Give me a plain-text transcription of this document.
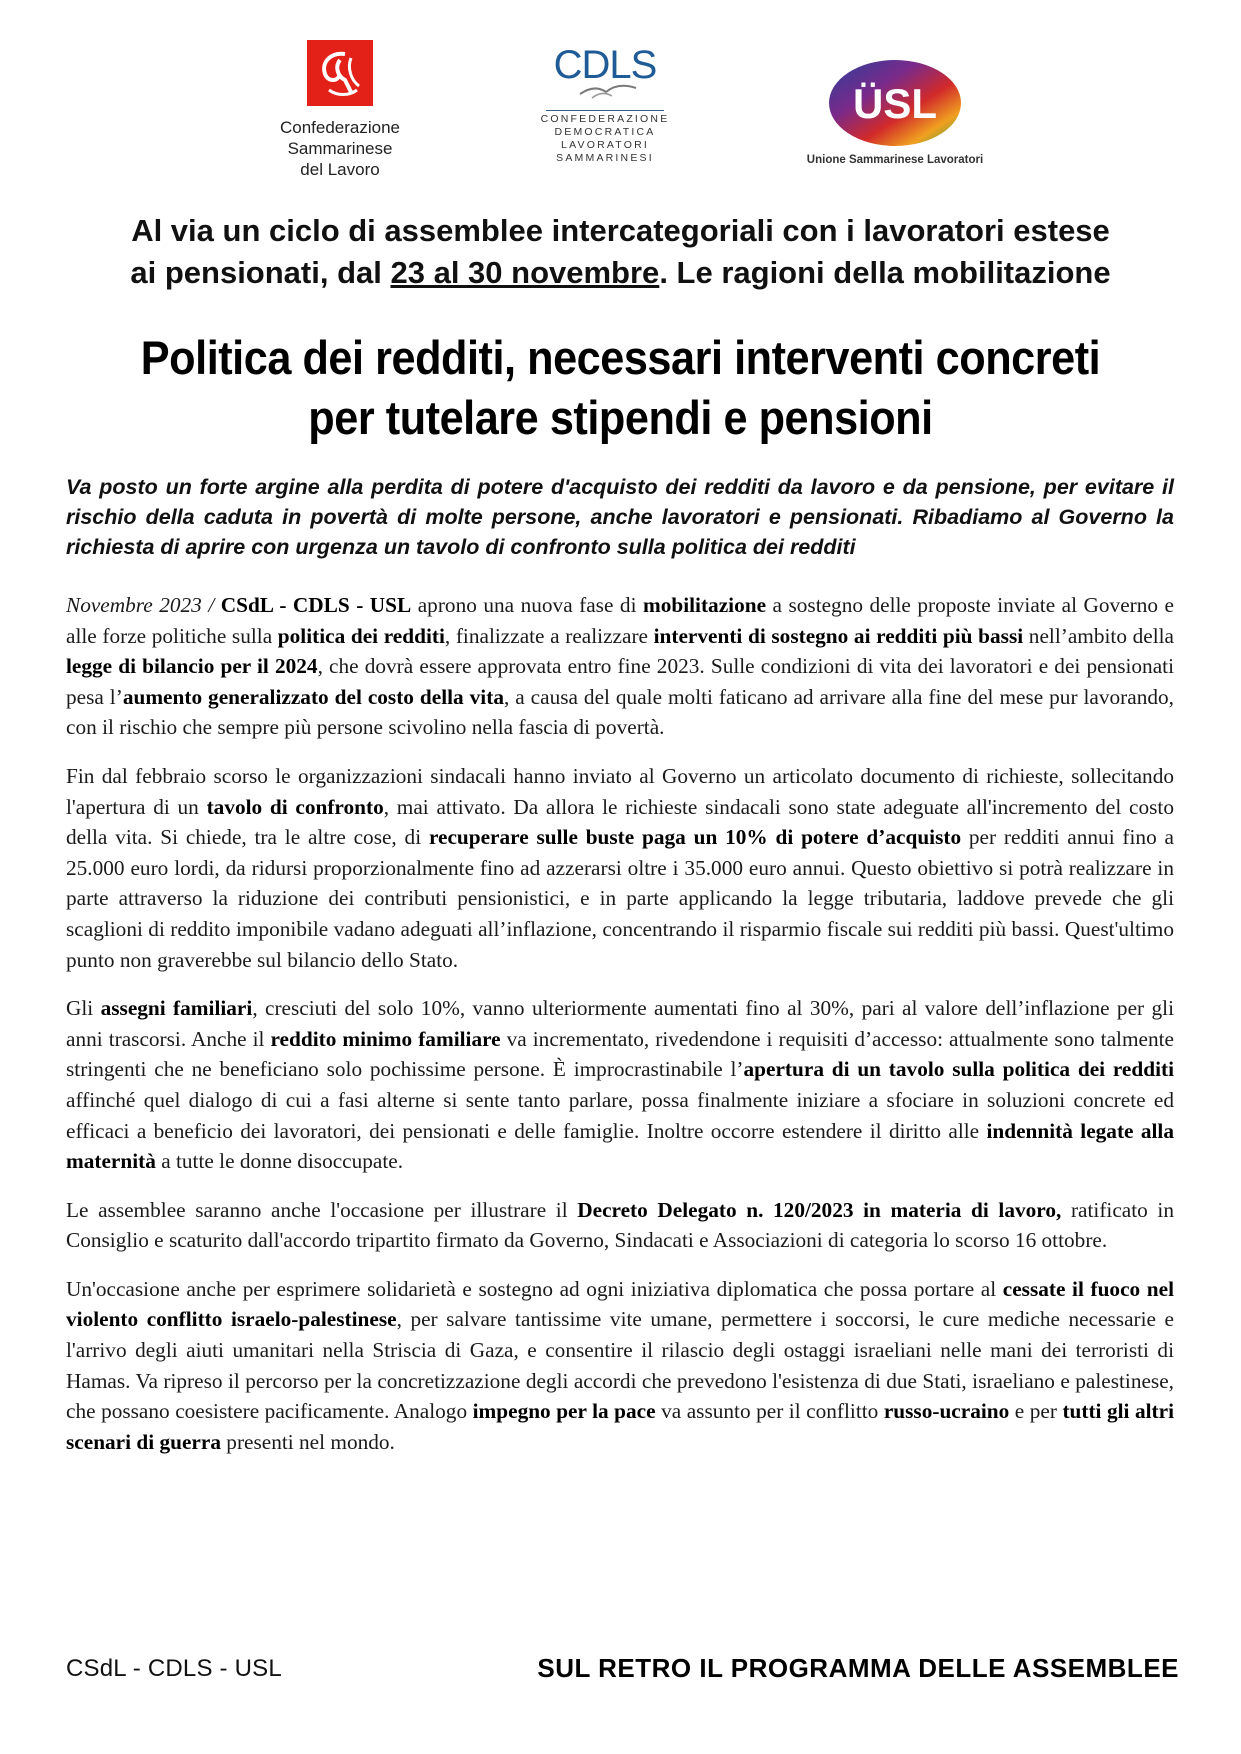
Confederazione
Sammarinese
del Lavoro
CDLS
CONFEDERAZIONE
DEMOCRATICA
LAVORATORI
SAMMARINESI
ÜSL
Unione Sammarinese Lavoratori
Al via un ciclo di assemblee intercategoriali con i lavoratori estese
ai pensionati, dal 23 al 30 novembre. Le ragioni della mobilitazione
Politica dei redditi, necessari interventi concreti
per tutelare stipendi e pensioni
Va posto un forte argine alla perdita di potere d'acquisto dei redditi da lavoro e da pensione, per evitare il rischio della caduta in povertà di molte persone, anche lavoratori e pensionati. Ribadiamo al Governo la richiesta di aprire con urgenza un tavolo di confronto sulla politica dei redditi

Novembre 2023 / CSdL - CDLS - USL aprono una nuova fase di mobilitazione a sostegno delle proposte inviate al Governo e alle forze politiche sulla politica dei redditi, finalizzate a realizzare interventi di sostegno ai redditi più bassi nell’ambito della legge di bilancio per il 2024, che dovrà essere approvata entro fine 2023. Sulle condizioni di vita dei lavoratori e dei pensionati pesa l’aumento generalizzato del costo della vita, a causa del quale molti faticano ad arrivare alla fine del mese pur lavorando, con il rischio che sempre più persone scivolino nella fascia di povertà.

Fin dal febbraio scorso le organizzazioni sindacali hanno inviato al Governo un articolato documento di richieste, sollecitando l'apertura di un tavolo di confronto, mai attivato. Da allora le richieste sindacali sono state adeguate all'incremento del costo della vita. Si chiede, tra le altre cose, di recuperare sulle buste paga un 10% di potere d’acquisto per redditi annui fino a 25.000 euro lordi, da ridursi proporzionalmente fino ad azzerarsi oltre i 35.000 euro annui. Questo obiettivo si potrà realizzare in parte attraverso la riduzione dei contributi pensionistici, e in parte applicando la legge tributaria, laddove prevede che gli scaglioni di reddito imponibile vadano adeguati all’inflazione, concentrando il risparmio fiscale sui redditi più bassi. Quest'ultimo punto non graverebbe sul bilancio dello Stato.

Gli assegni familiari, cresciuti del solo 10%, vanno ulteriormente aumentati fino al 30%, pari al valore dell’inflazione per gli anni trascorsi. Anche il reddito minimo familiare va incrementato, rivedendone i requisiti d’accesso: attualmente sono talmente stringenti che ne beneficiano solo pochissime persone. È improcrastinabile l’apertura di un tavolo sulla politica dei redditi affinché quel dialogo di cui a fasi alterne si sente tanto parlare, possa finalmente iniziare a sfociare in soluzioni concrete ed efficaci a beneficio dei lavoratori, dei pensionati e delle famiglie. Inoltre occorre estendere il diritto alle indennità legate alla maternità a tutte le donne disoccupate.

Le assemblee saranno anche l'occasione per illustrare il Decreto Delegato n. 120/2023 in materia di lavoro, ratificato in Consiglio e scaturito dall'accordo tripartito firmato da Governo, Sindacati e Associazioni di categoria lo scorso 16 ottobre.

Un'occasione anche per esprimere solidarietà e sostegno ad ogni iniziativa diplomatica che possa portare al cessate il fuoco nel violento conflitto israelo-palestinese, per salvare tantissime vite umane, permettere i soccorsi, le cure mediche necessarie e l'arrivo degli aiuti umanitari nella Striscia di Gaza, e consentire il rilascio degli ostaggi israeliani nelle mani dei terroristi di Hamas. Va ripreso il percorso per la concretizzazione degli accordi che prevedono l'esistenza di due Stati, israeliano e palestinese, che possano coesistere pacificamente. Analogo impegno per la pace va assunto per il conflitto russo-ucraino e per tutti gli altri scenari di guerra presenti nel mondo.

CSdL - CDLS - USL	SUL RETRO IL PROGRAMMA DELLE ASSEMBLEE
